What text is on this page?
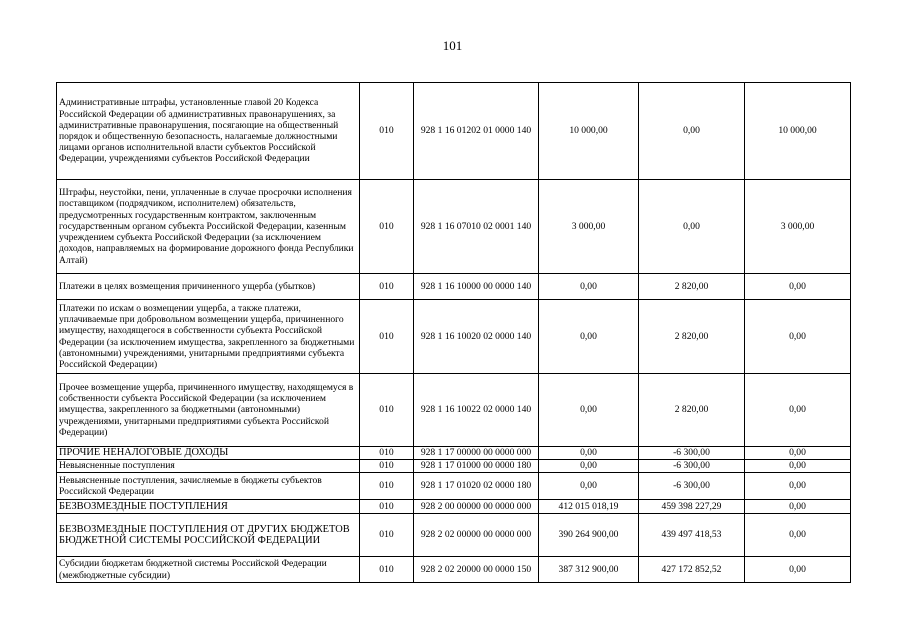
101
Административные штрафы, установленные главой 20 Кодекса Российской Федерации об административных правонарушениях, за административные правонарушения, посягающие на общественный порядок и общественную безопасность, налагаемые должностными лицами органов исполнительной власти субъектов Российской Федерации, учреждениями субъектов Российской Федерации	010	928 1 16 01202 01 0000 140	10 000,00	0,00	10 000,00
Штрафы, неустойки, пени, уплаченные в случае просрочки исполнения поставщиком (подрядчиком, исполнителем) обязательств, предусмотренных государственным контрактом, заключенным государственным органом субъекта Российской Федерации, казенным учреждением субъекта Российской Федерации (за исключением доходов, направляемых на формирование дорожного фонда Республики Алтай)	010	928 1 16 07010 02 0001 140	3 000,00	0,00	3 000,00
Платежи в целях возмещения причиненного ущерба (убытков)	010	928 1 16 10000 00 0000 140	0,00	2 820,00	0,00
Платежи по искам о возмещении ущерба, а также платежи, уплачиваемые при добровольном возмещении ущерба, причиненного имуществу, находящегося в собственности субъекта Российской Федерации (за исключением имущества, закрепленного за бюджетными (автономными) учреждениями, унитарными предприятиями субъекта Российской Федерации)	010	928 1 16 10020 02 0000 140	0,00	2 820,00	0,00
Прочее возмещение ущерба, причиненного имуществу, находящемуся в собственности субъекта Российской Федерации (за исключением имущества, закрепленного за бюджетными (автономными) учреждениями, унитарными предприятиями субъекта Российской Федерации)	010	928 1 16 10022 02 0000 140	0,00	2 820,00	0,00
ПРОЧИЕ НЕНАЛОГОВЫЕ ДОХОДЫ	010	928 1 17 00000 00 0000 000	0,00	-6 300,00	0,00
Невыясненные поступления	010	928 1 17 01000 00 0000 180	0,00	-6 300,00	0,00
Невыясненные поступления, зачисляемые в бюджеты субъектов Российской Федерации	010	928 1 17 01020 02 0000 180	0,00	-6 300,00	0,00
БЕЗВОЗМЕЗДНЫЕ ПОСТУПЛЕНИЯ	010	928 2 00 00000 00 0000 000	412 015 018,19	459 398 227,29	0,00
БЕЗВОЗМЕЗДНЫЕ ПОСТУПЛЕНИЯ ОТ ДРУГИХ БЮДЖЕТОВ БЮДЖЕТНОЙ СИСТЕМЫ РОССИЙСКОЙ ФЕДЕРАЦИИ	010	928 2 02 00000 00 0000 000	390 264 900,00	439 497 418,53	0,00
Субсидии бюджетам бюджетной системы Российской Федерации (межбюджетные субсидии)	010	928 2 02 20000 00 0000 150	387 312 900,00	427 172 852,52	0,00
